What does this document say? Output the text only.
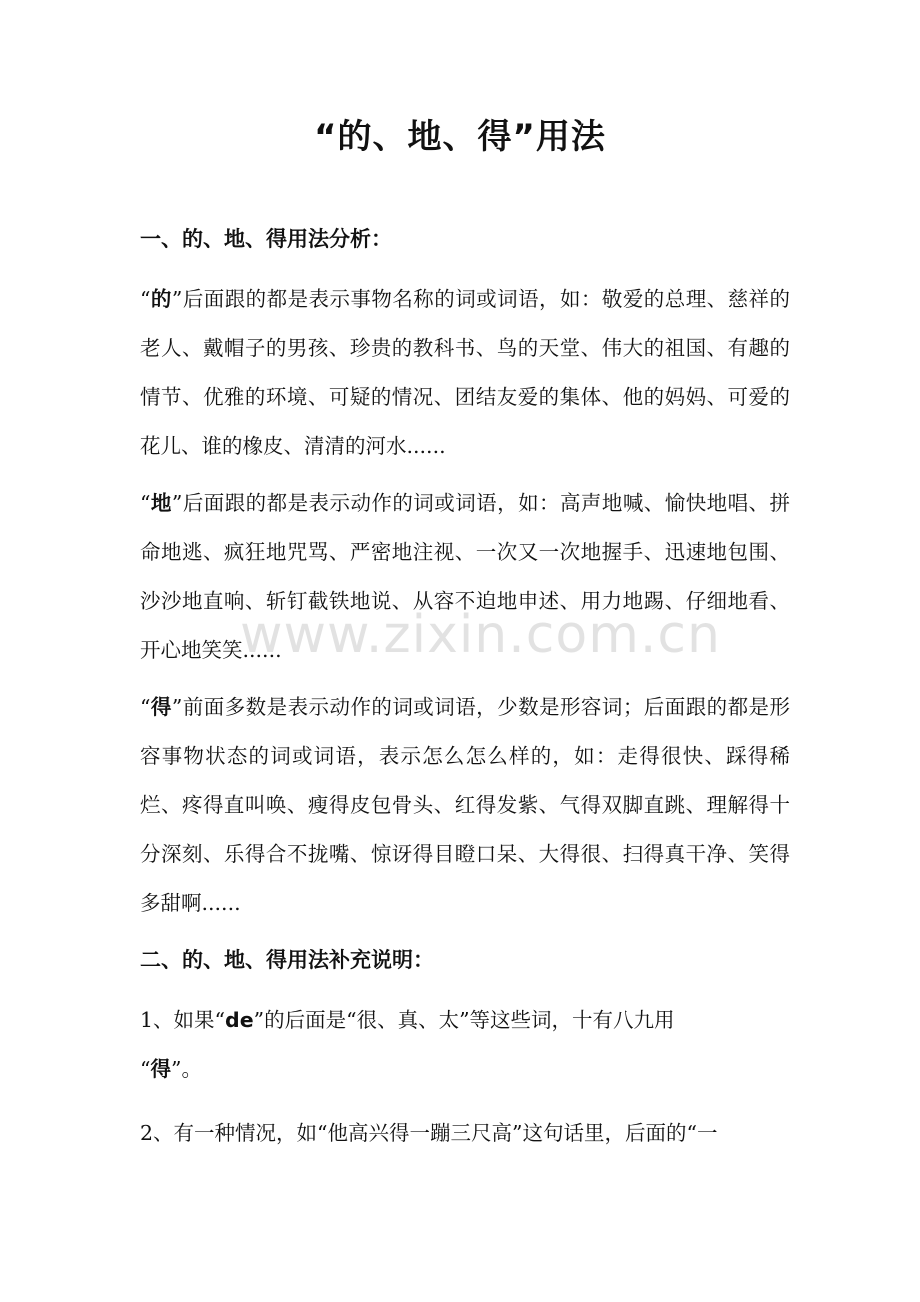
“的、地、得”用法
一、的、地、得用法分析：
“的”后面跟的都是表示事物名称的词或词语，如：敬爱的总理、慈祥的老人、戴帽子的男孩、珍贵的教科书、鸟的天堂、伟大的祖国、有趣的情节、优雅的环境、可疑的情况、团结友爱的集体、他的妈妈、可爱的花儿、谁的橡皮、清清的河水......
“地”后面跟的都是表示动作的词或词语，如：高声地喊、愉快地唱、拼命地逃、疯狂地咒骂、严密地注视、一次又一次地握手、迅速地包围、沙沙地直响、斩钉截铁地说、从容不迫地申述、用力地踢、仔细地看、开心地笑笑......
“得”前面多数是表示动作的词或词语，少数是形容词；后面跟的都是形容事物状态的词或词语，表示怎么怎么样的，如：走得很快、踩得稀烂、疼得直叫唤、瘦得皮包骨头、红得发紫、气得双脚直跳、理解得十分深刻、乐得合不拢嘴、惊讶得目瞪口呆、大得很、扫得真干净、笑得多甜啊......
二、的、地、得用法补充说明：
1、如果“de”的后面是“很、真、太”等这些词，十有八九用
“得”。
2、有一种情况，如“他高兴得一蹦三尺高”这句话里，后面的“一
www.zixin.com.cn
